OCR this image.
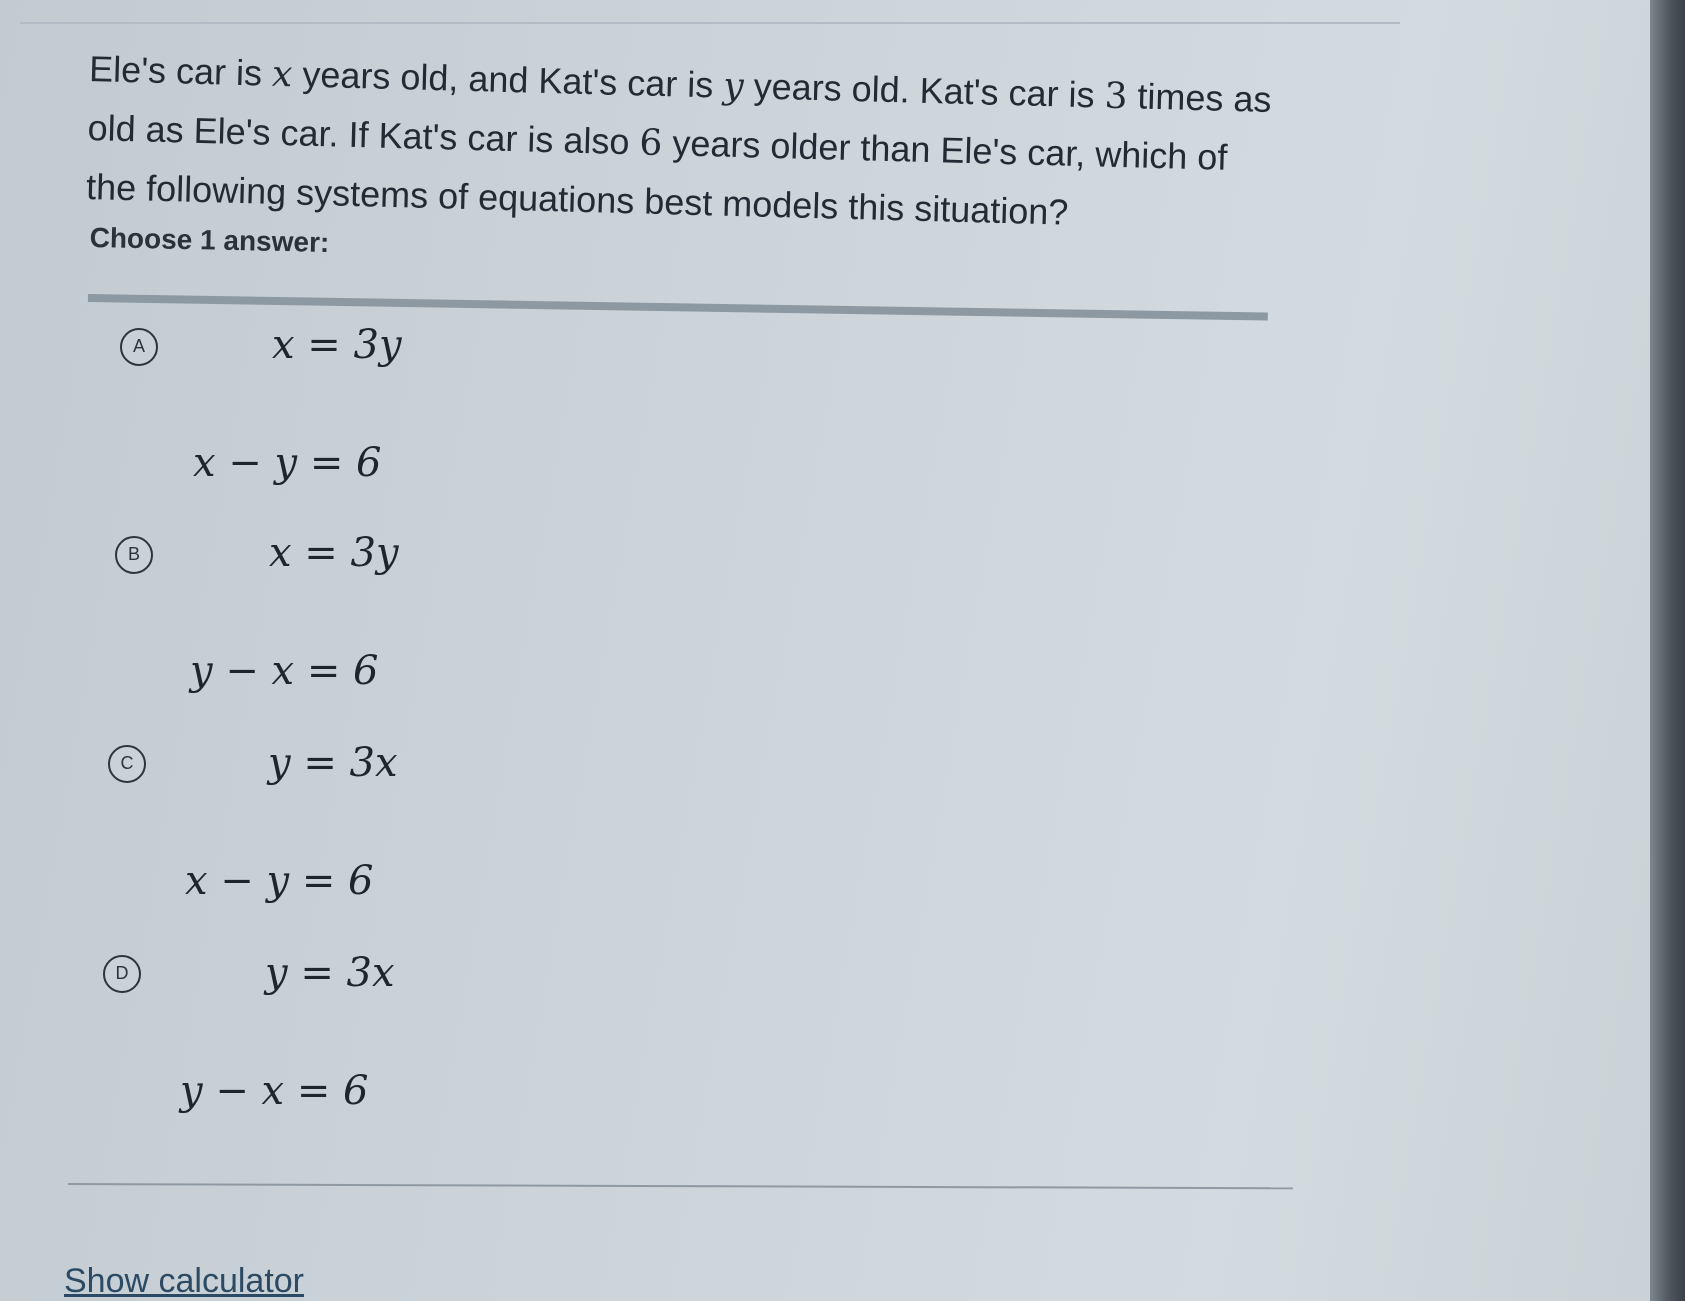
Ele's car is x years old, and Kat's car is y years old. Kat's car is 3 times as old as Ele's car. If Kat's car is also 6 years older than Ele's car, which of the following systems of equations best models this situation?

Choose 1 answer:
A	x = 3y
x − y = 6
B	x = 3y
y − x = 6
C	y = 3x
x − y = 6
D	y = 3x
y − x = 6
Show calculator
